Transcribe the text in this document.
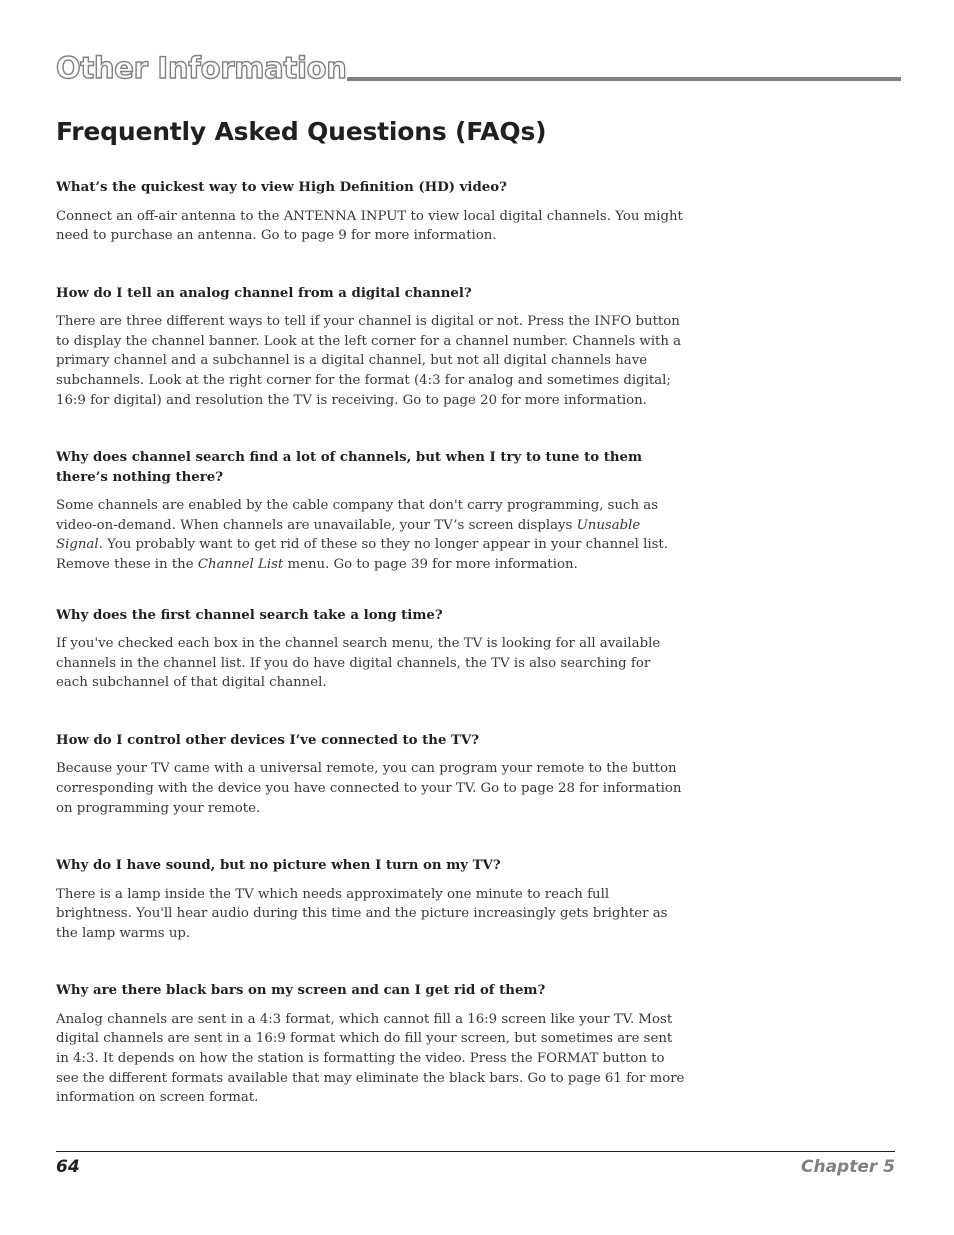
Other Information
Frequently Asked Questions (FAQs)

What’s the quickest way to view High Definition (HD) video?

Connect an off-air antenna to the ANTENNA INPUT to view local digital channels. You might need to purchase an antenna. Go to page 9 for more information.

How do I tell an analog channel from a digital channel?

There are three different ways to tell if your channel is digital or not. Press the INFO button to display the channel banner. Look at the left corner for a channel number. Channels with a primary channel and a subchannel is a digital channel, but not all digital channels have subchannels. Look at the right corner for the format (4:3 for analog and sometimes digital; 16:9 for digital) and resolution the TV is receiving. Go to page 20 for more information.

Why does channel search find a lot of channels, but when I try to tune to them there’s nothing there?

Some channels are enabled by the cable company that don't carry programming, such as video-on-demand. When channels are unavailable, your TV’s screen displays Unusable Signal. You probably want to get rid of these so they no longer appear in your channel list. Remove these in the Channel List menu. Go to page 39 for more information.

Why does the first channel search take a long time?

If you've checked each box in the channel search menu, the TV is looking for all available channels in the channel list. If you do have digital channels, the TV is also searching for each subchannel of that digital channel.

How do I control other devices I’ve connected to the TV?

Because your TV came with a universal remote, you can program your remote to the button corresponding with the device you have connected to your TV. Go to page 28 for information on programming your remote.

Why do I have sound, but no picture when I turn on my TV?

There is a lamp inside the TV which needs approximately one minute to reach full brightness. You'll hear audio during this time and the picture increasingly gets brighter as the lamp warms up.

Why are there black bars on my screen and can I get rid of them?

Analog channels are sent in a 4:3 format, which cannot fill a 16:9 screen like your TV. Most digital channels are sent in a 16:9 format which do fill your screen, but sometimes are sent in 4:3. It depends on how the station is formatting the video. Press the FORMAT button to see the different formats available that may eliminate the black bars. Go to page 61 for more information on screen format.

64	Chapter 5
